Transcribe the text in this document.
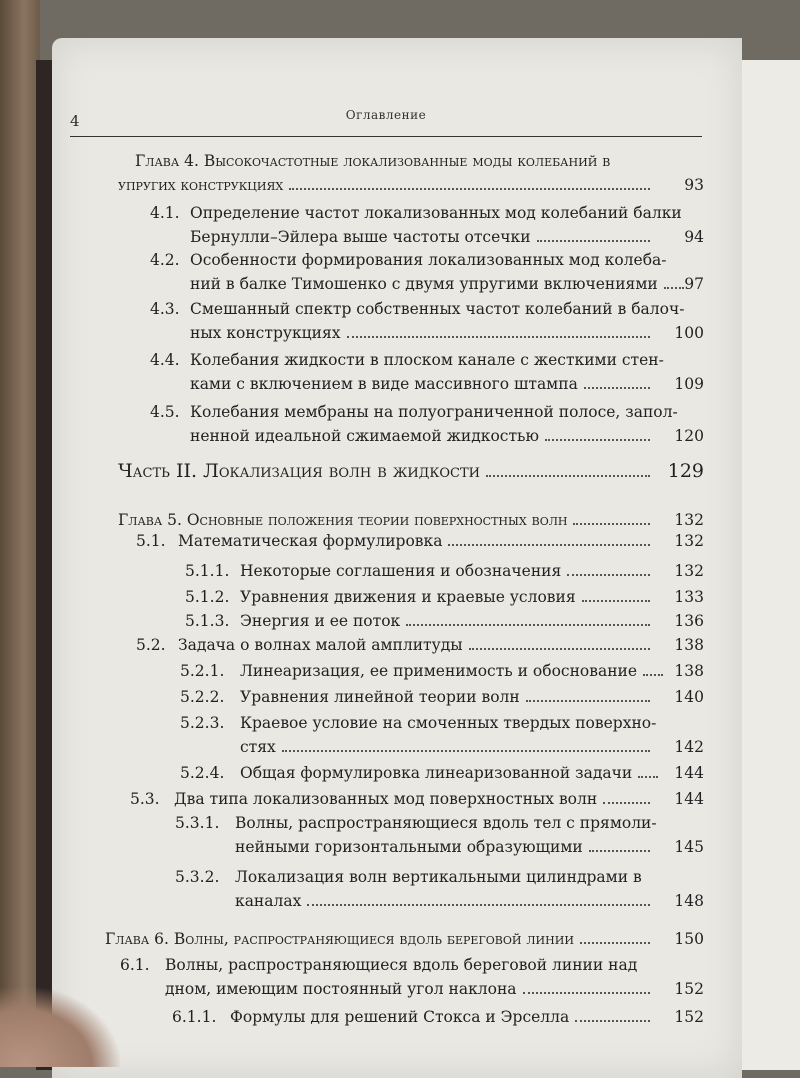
4	Оглавление
Глава 4. Высокочастотные локализованные моды колебаний в
упругих конструкциях	93
4.1. Определение частот локализованных мод колебаний балки
Бернулли–Эйлера выше частоты отсечки	94
4.2. Особенности формирования локализованных мод колеба-
ний в балке Тимошенко с двумя упругими включениями	97
4.3. Смешанный спектр собственных частот колебаний в балоч-
ных конструкциях	100
4.4. Колебания жидкости в плоском канале с жесткими стен-
ками с включением в виде массивного штампа	109
4.5. Колебания мембраны на полуограниченной полосе, запол-
ненной идеальной сжимаемой жидкостью	120
Часть II. Локализация волн в жидкости	129
Глава 5. Основные положения теории поверхностных волн	132
5.1. Математическая формулировка	132
5.1.1. Некоторые соглашения и обозначения	132
5.1.2. Уравнения движения и краевые условия	133
5.1.3. Энергия и ее поток	136
5.2. Задача о волнах малой амплитуды	138
5.2.1. Линеаризация, ее применимость и обоснование	138
5.2.2. Уравнения линейной теории волн	140
5.2.3. Краевое условие на смоченных твердых поверхно-
стях	142
5.2.4. Общая формулировка линеаризованной задачи	144
5.3. Два типа локализованных мод поверхностных волн	144
5.3.1. Волны, распространяющиеся вдоль тел с прямоли-
нейными горизонтальными образующими	145
5.3.2. Локализация волн вертикальными цилиндрами в
каналах	148
Глава 6. Волны, распространяющиеся вдоль береговой линии	150
6.1. Волны, распространяющиеся вдоль береговой линии над
дном, имеющим постоянный угол наклона	152
6.1.1. Формулы для решений Стокса и Эрселла	152
